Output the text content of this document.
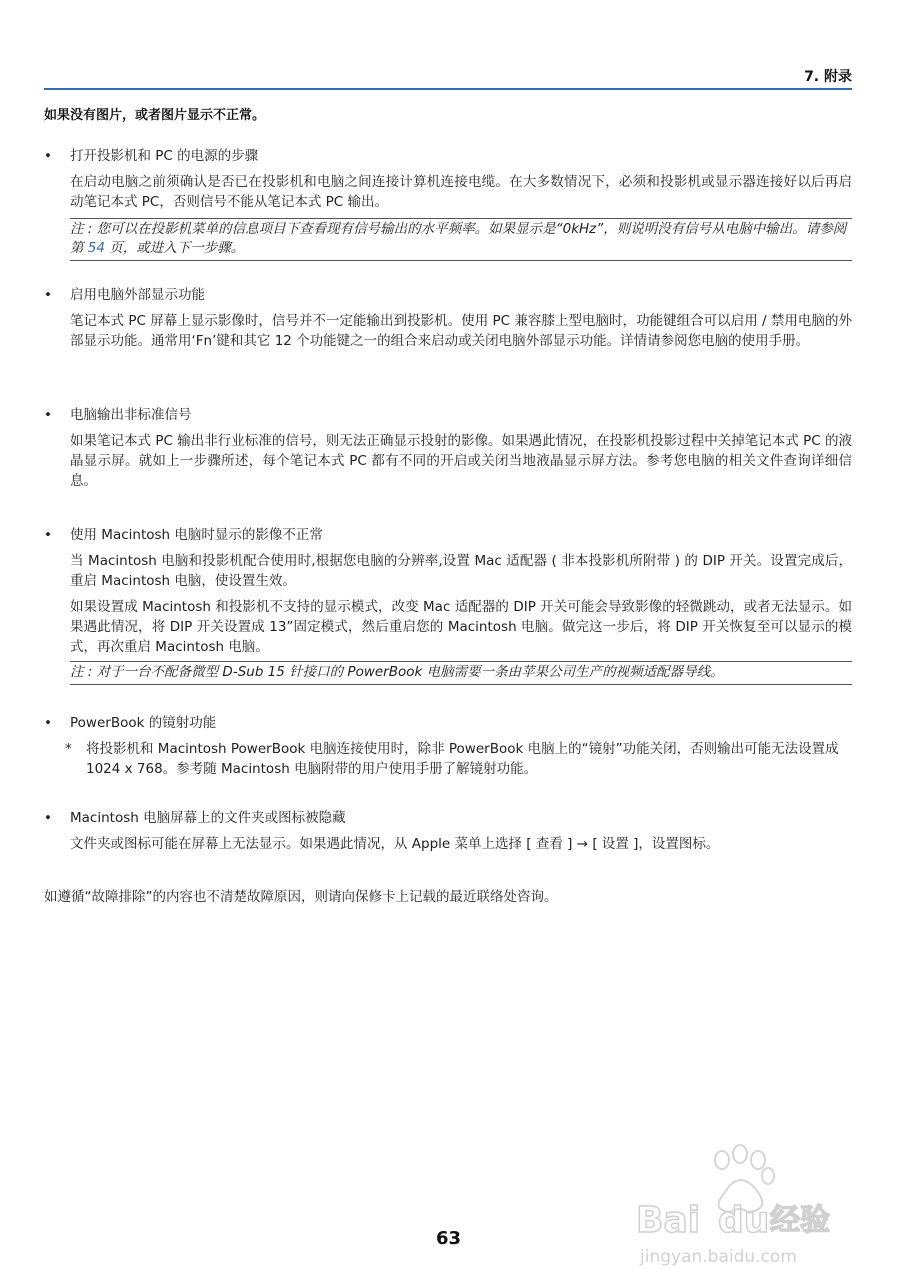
7. 附录
如果没有图片，或者图片显示不正常。
• 打开投影机和 PC 的电源的步骤
在启动电脑之前须确认是否已在投影机和电脑之间连接计算机连接电缆。在大多数情况下，必须和投影机或显示器连接好以后再启动笔记本式 PC，否则信号不能从笔记本式 PC 输出。
注 : 您可以在投影机菜单的信息项目下查看现有信号输出的水平频率。如果显示是“0kHz”，则说明没有信号从电脑中输出。请参阅第 54 页，或进入下一步骤。
• 启用电脑外部显示功能
笔记本式 PC 屏幕上显示影像时，信号并不一定能输出到投影机。使用 PC 兼容膝上型电脑时，功能键组合可以启用 / 禁用电脑的外部显示功能。通常用‘Fn’键和其它 12 个功能键之一的组合来启动或关闭电脑外部显示功能。详情请参阅您电脑的使用手册。
• 电脑输出非标准信号
如果笔记本式 PC 输出非行业标准的信号，则无法正确显示投射的影像。如果遇此情况，在投影机投影过程中关掉笔记本式 PC 的液晶显示屏。就如上一步骤所述，每个笔记本式 PC 都有不同的开启或关闭当地液晶显示屏方法。参考您电脑的相关文件查询详细信息。
• 使用 Macintosh 电脑时显示的影像不正常
当 Macintosh 电脑和投影机配合使用时,根据您电脑的分辨率,设置 Mac 适配器 ( 非本投影机所附带 ) 的 DIP 开关。设置完成后，重启 Macintosh 电脑，使设置生效。
如果设置成 Macintosh 和投影机不支持的显示模式，改变 Mac 适配器的 DIP 开关可能会导致影像的轻微跳动，或者无法显示。如果遇此情况，将 DIP 开关设置成 13”固定模式，然后重启您的 Macintosh 电脑。做完这一步后，将 DIP 开关恢复至可以显示的模式，再次重启 Macintosh 电脑。
注 : 对于一台不配备微型 D-Sub 15 针接口的 PowerBook 电脑需要一条由苹果公司生产的视频适配器导线。
• PowerBook 的镜射功能
* 将投影机和 Macintosh PowerBook 电脑连接使用时，除非 PowerBook 电脑上的“镜射”功能关闭，否则输出可能无法设置成 1024 x 768。参考随 Macintosh 电脑附带的用户使用手册了解镜射功能。
• Macintosh 电脑屏幕上的文件夹或图标被隐藏
文件夹或图标可能在屏幕上无法显示。如果遇此情况，从 Apple 菜单上选择 [ 查看 ] → [ 设置 ]，设置图标。
如遵循“故障排除”的内容也不清楚故障原因，则请向保修卡上记载的最近联络处咨询。
Bai du 经验
jingyan.baidu.com
63
